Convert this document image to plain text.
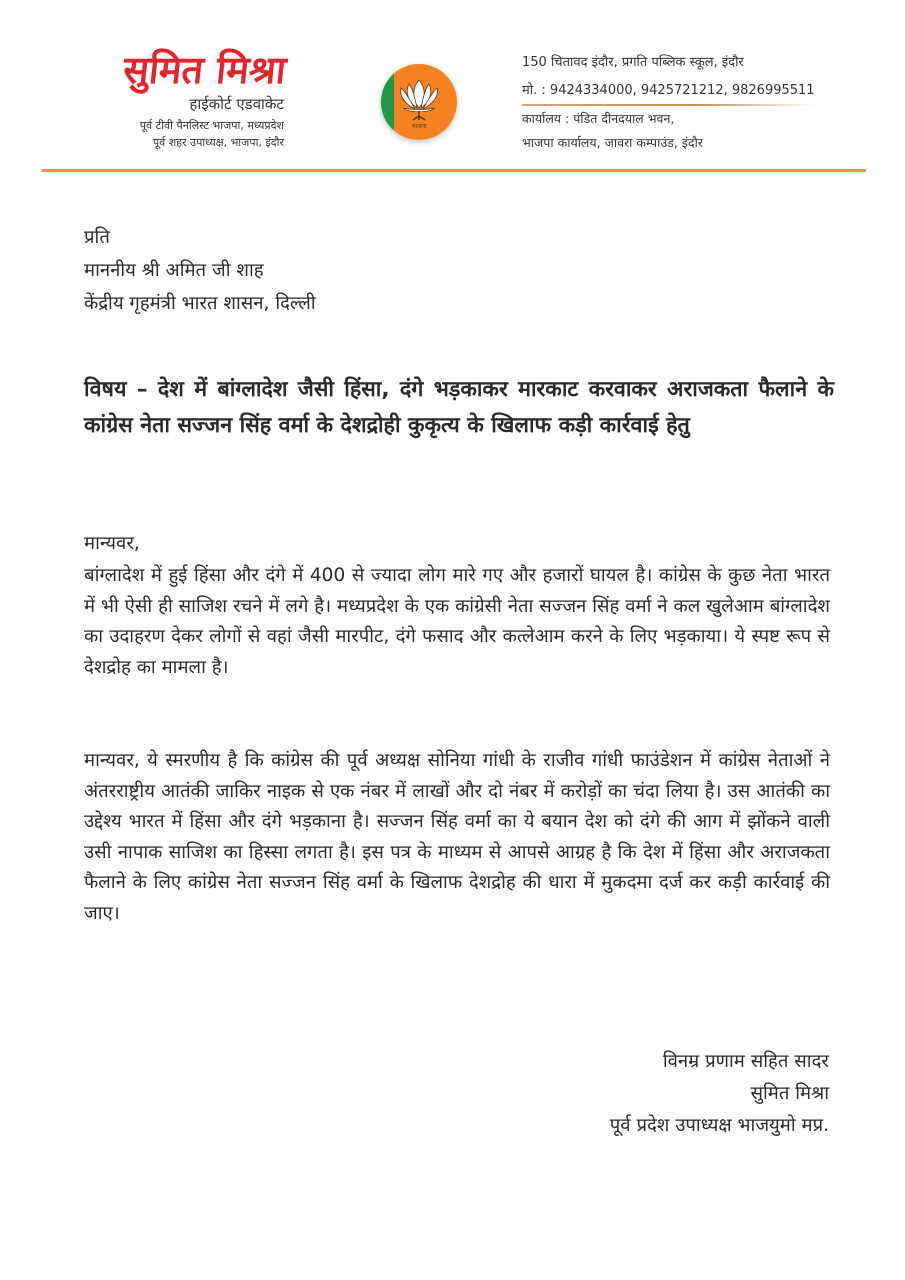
सुमित मिश्रा
हाईकोर्ट एडवाकेट
पूर्व टीवी पैनलिस्ट भाजपा, मध्यप्रदेश
पूर्व शहर उपाध्यक्ष, भाजपा, इंदौर
भाजपा
150 चितावद इंदौर, प्रगति पब्लिक स्कूल, इंदौर
मो. : 9424334000, 9425721212, 9826995511
कार्यालय : पंडित दीनदयाल भवन,
भाजपा कार्यालय, जावरा कम्पाउंड, इंदौर
प्रति
माननीय श्री अमित जी शाह
केंद्रीय गृहमंत्री भारत शासन, दिल्ली
विषय – देश में बांग्लादेश जैसी हिंसा, दंगे भड़काकर मारकाट करवाकर अराजकता फैलाने के कांग्रेस नेता सज्जन सिंह वर्मा के देशद्रोही कुकृत्य के खिलाफ कड़ी कार्रवाई हेतु
मान्यवर,
बांग्लादेश में हुई हिंसा और दंगे में 400 से ज्यादा लोग मारे गए और हजारों घायल है। कांग्रेस के कुछ नेता भारत में भी ऐसी ही साजिश रचने में लगे है। मध्यप्रदेश के एक कांग्रेसी नेता सज्जन सिंह वर्मा ने कल खुलेआम बांग्लादेश का उदाहरण देकर लोगों से वहां जैसी मारपीट, दंगे फसाद और कत्लेआम करने के लिए भड़काया। ये स्पष्ट रूप से देशद्रोह का मामला है।
मान्यवर, ये स्मरणीय है कि कांग्रेस की पूर्व अध्यक्ष सोनिया गांधी के राजीव गांधी फाउंडेशन में कांग्रेस नेताओं ने अंतरराष्ट्रीय आतंकी जाकिर नाइक से एक नंबर में लाखों और दो नंबर में करोड़ों का चंदा लिया है। उस आतंकी का उद्देश्य भारत में हिंसा और दंगे भड़काना है। सज्जन सिंह वर्मा का ये बयान देश को दंगे की आग में झोंकने वाली उसी नापाक साजिश का हिस्सा लगता है। इस पत्र के माध्यम से आपसे आग्रह है कि देश में हिंसा और अराजकता फैलाने के लिए कांग्रेस नेता सज्जन सिंह वर्मा के खिलाफ देशद्रोह की धारा में मुकदमा दर्ज कर कड़ी कार्रवाई की जाए।
विनम्र प्रणाम सहित सादर
सुमित मिश्रा
पूर्व प्रदेश उपाध्यक्ष भाजयुमो मप्र.
